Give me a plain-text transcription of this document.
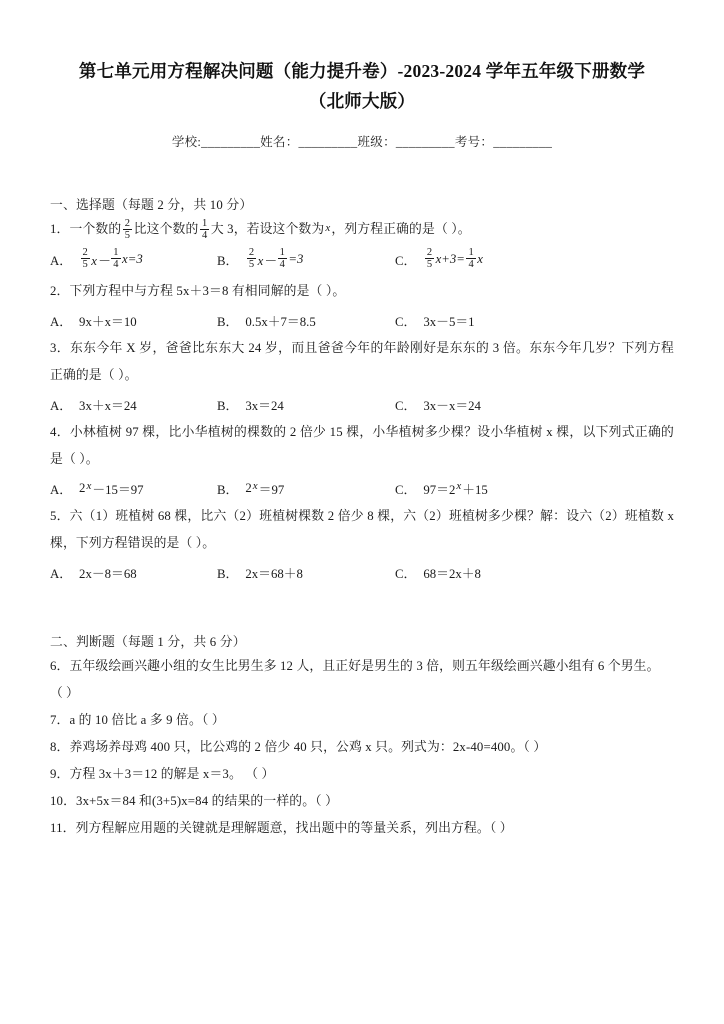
第七单元用方程解决问题（能力提升卷）-2023-2024 学年五年级下册数学
（北师大版）
学校:_________姓名：_________班级：_________考号：_________
一、选择题（每题 2 分，共 10 分）
1．一个数的 $\frac{2}{5}$ 比这个数的 $\frac{1}{4}$ 大 3，若设这个数为x，列方程正确的是（ ）。
A． $\frac{2}{5} x- \frac{1}{4} x=3$	B． $\frac{2}{5} x- \frac{1}{4} =3$	C． $\frac{2}{5} x+3= \frac{1}{4}$ x
2．下列方程中与方程 5x＋3＝8 有相同解的是（ ）。
A． 9x＋x＝10	B． 0.5x＋7＝8.5	C． 3x－5＝1
3．东东今年 X 岁，爸爸比东东大 24 岁，而且爸爸今年的年龄刚好是东东的 3 倍。东东今年几岁？下列方程正确的是（ ）。
A． 3x＋x＝24	B． 3x＝24	C． 3x－x＝24
4．小林植树 97 棵，比小华植树的棵数的 2 倍少 15 棵，小华植树多少棵？设小华植树 x 棵，以下列式正确的是（ ）。
A． 2 x －15＝97	B． 2 x ＝97	C． 97＝2 x ＋15
5．六（1）班植树 68 棵，比六（2）班植树棵数 2 倍少 8 棵，六（2）班植树多少棵？解：设六（2）班植数 x 棵，下列方程错误的是（ ）。
A． 2x－8＝68	B． 2x＝68＋8	C． 68＝2x＋8
二、判断题（每题 1 分，共 6 分）
6．五年级绘画兴趣小组的女生比男生多 12 人，且正好是男生的 3 倍，则五年级绘画兴趣小组有 6 个男生。
（ ）
7．a 的 10 倍比 a 多 9 倍。（ ）
8．养鸡场养母鸡 400 只，比公鸡的 2 倍少 40 只，公鸡 x 只。列式为：2x-40=400。（ ）
9．方程 3x＋3＝12 的解是 x＝3。 （ ）
10．3x+5x＝84 和(3+5)x=84 的结果的一样的。（ ）
11．列方程解应用题的关键就是理解题意，找出题中的等量关系，列出方程。（ ）
